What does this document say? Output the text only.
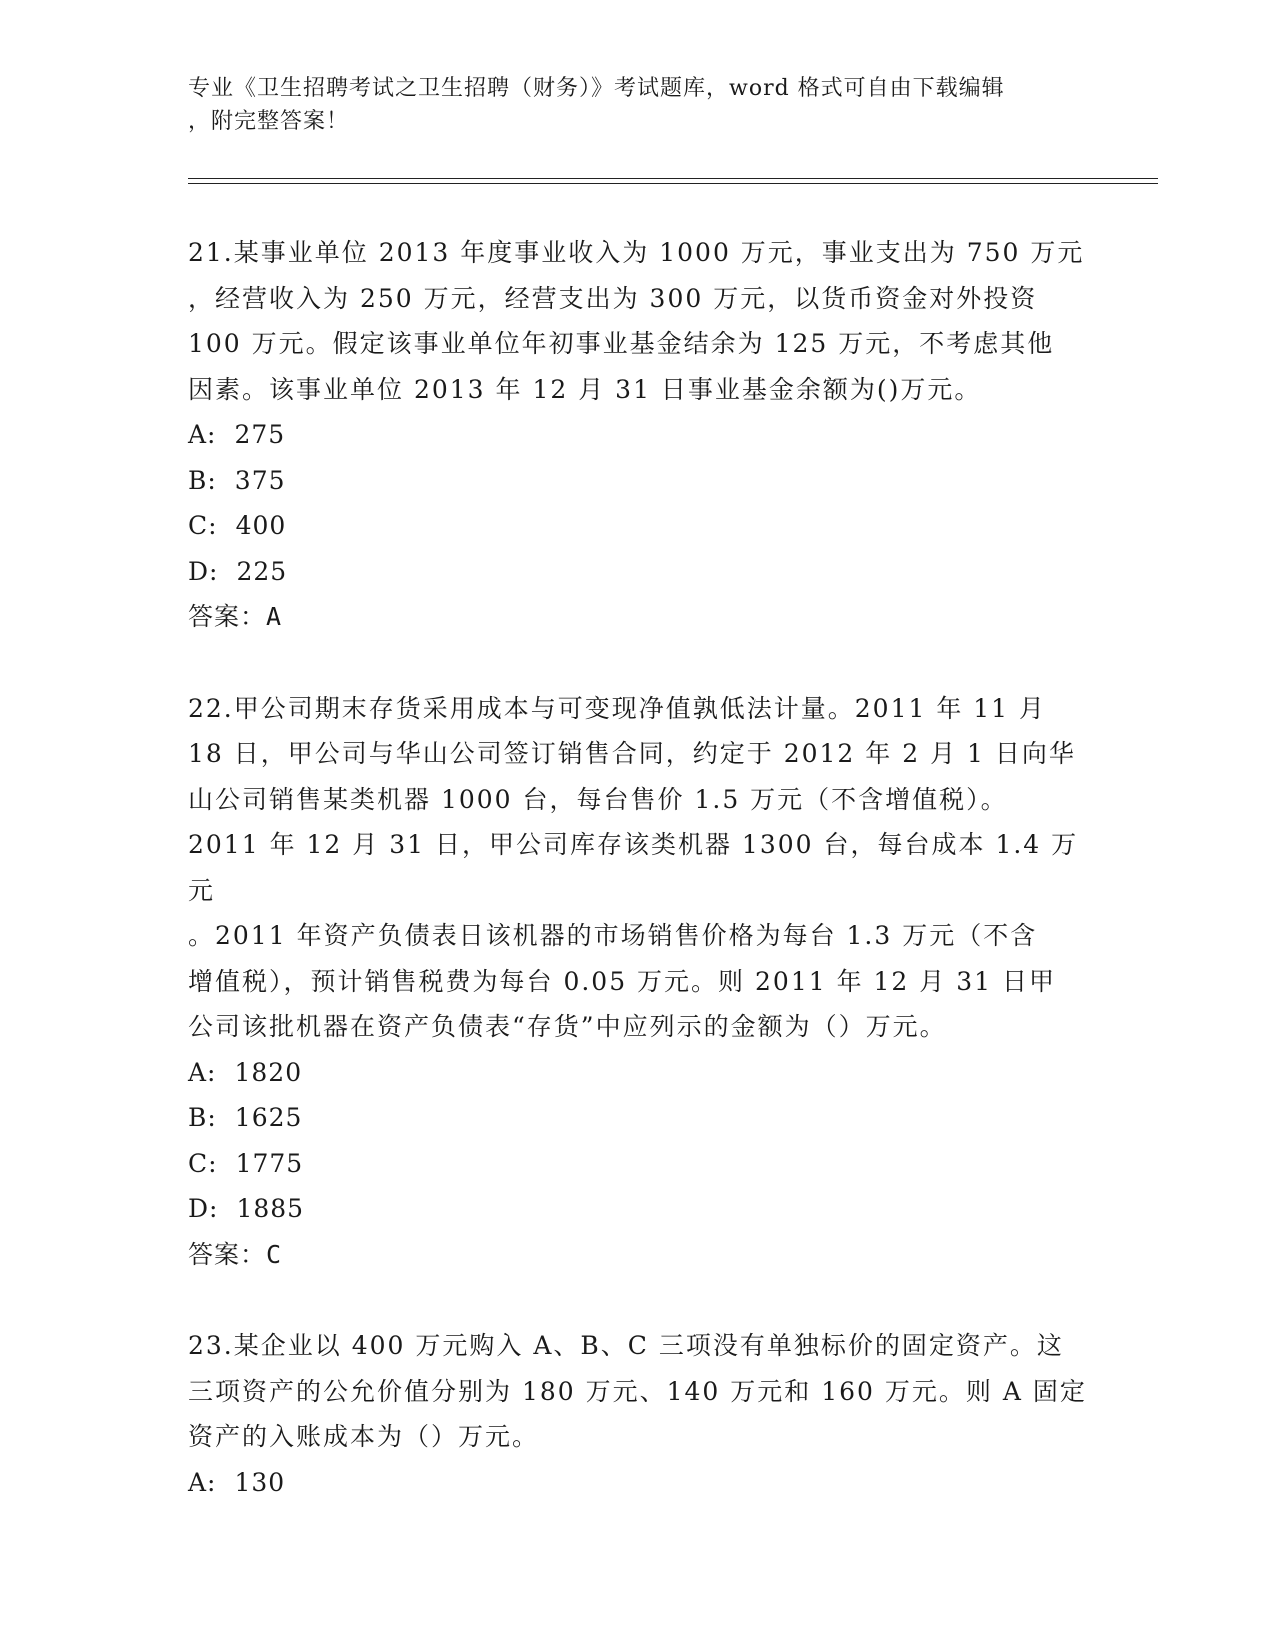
专业《卫生招聘考试之卫生招聘（财务）》考试题库，word 格式可自由下载编辑
，附完整答案！

21.某事业单位 2013 年度事业收入为 1000 万元，事业支出为 750 万元
，经营收入为 250 万元，经营支出为 300 万元，以货币资金对外投资
100 万元。假定该事业单位年初事业基金结余为 125 万元，不考虑其他
因素。该事业单位 2013 年 12 月 31 日事业基金余额为()万元。

A: 275
B: 375
C: 400
D: 225
答案：A

22.甲公司期末存货采用成本与可变现净值孰低法计量。2011 年 11 月
18 日，甲公司与华山公司签订销售合同，约定于 2012 年 2 月 1 日向华
山公司销售某类机器 1000 台，每台售价 1.5 万元（不含增值税）。
2011 年 12 月 31 日，甲公司库存该类机器 1300 台，每台成本 1.4 万元
。2011 年资产负债表日该机器的市场销售价格为每台 1.3 万元（不含
增值税），预计销售税费为每台 0.05 万元。则 2011 年 12 月 31 日甲
公司该批机器在资产负债表“存货”中应列示的金额为（）万元。

A: 1820
B: 1625
C: 1775
D: 1885
答案：C

23.某企业以 400 万元购入 A、B、C 三项没有单独标价的固定资产。这
三项资产的公允价值分别为 180 万元、140 万元和 160 万元。则 A 固定
资产的入账成本为（）万元。

A: 130
